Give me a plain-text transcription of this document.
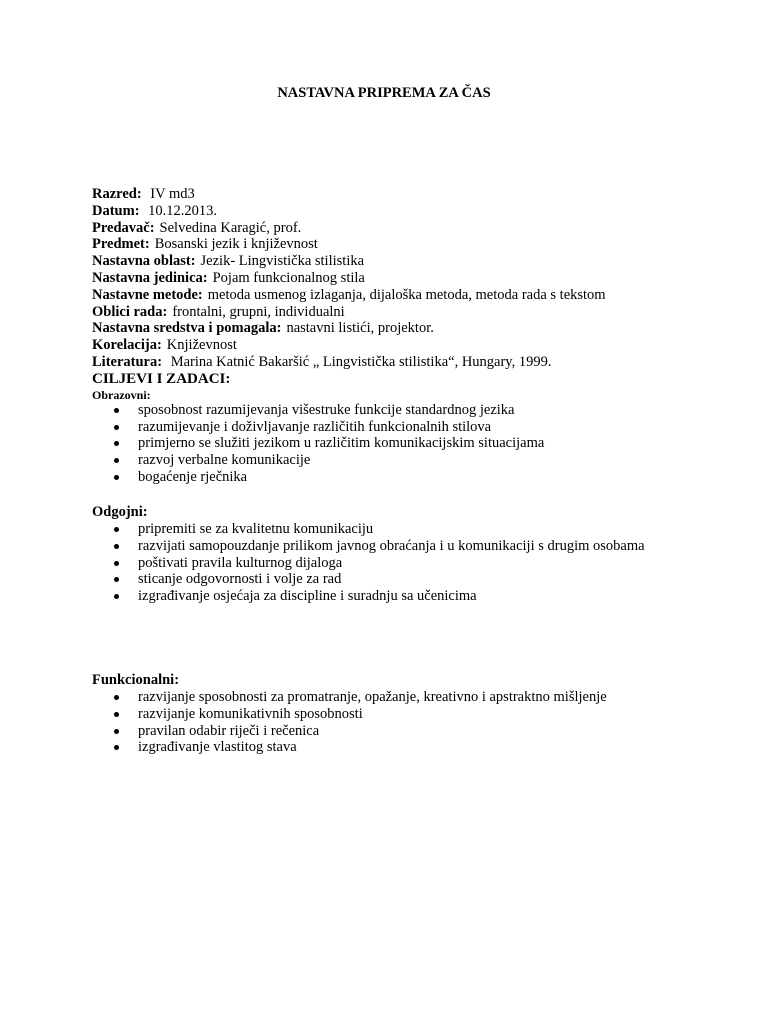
NASTAVNA PRIPREMA ZA ČAS
Razred: IV md3
Datum: 10.12.2013.
Predavač: Selvedina Karagić, prof.
Predmet: Bosanski jezik i književnost
Nastavna oblast: Jezik- Lingvistička stilistika
Nastavna jedinica: Pojam funkcionalnog stila
Nastavne metode: metoda usmenog izlaganja, dijaloška metoda, metoda rada s tekstom
Oblici rada: frontalni, grupni, individualni
Nastavna sredstva i pomagala: nastavni listići, projektor.
Korelacija: Književnost
Literatura: Marina Katnić Bakaršić „ Lingvistička stilistika“, Hungary, 1999.
CILJEVI I ZADACI:
Obrazovni:
sposobnost razumijevanja višestruke funkcije standardnog jezika
razumijevanje i doživljavanje različitih funkcionalnih stilova
primjerno se služiti jezikom u različitim komunikacijskim situacijama
razvoj verbalne komunikacije
bogaćenje rječnika
Odgojni:
pripremiti se za kvalitetnu komunikaciju
razvijati samopouzdanje prilikom javnog obraćanja i u komunikaciji s drugim osobama
poštivati pravila kulturnog dijaloga
sticanje odgovornosti i volje za rad
izgrađivanje osjećaja za discipline i suradnju sa učenicima
Funkcionalni:
razvijanje sposobnosti za promatranje, opažanje, kreativno i apstraktno mišljenje
razvijanje komunikativnih sposobnosti
pravilan odabir riječi i rečenica
izgrađivanje vlastitog stava
